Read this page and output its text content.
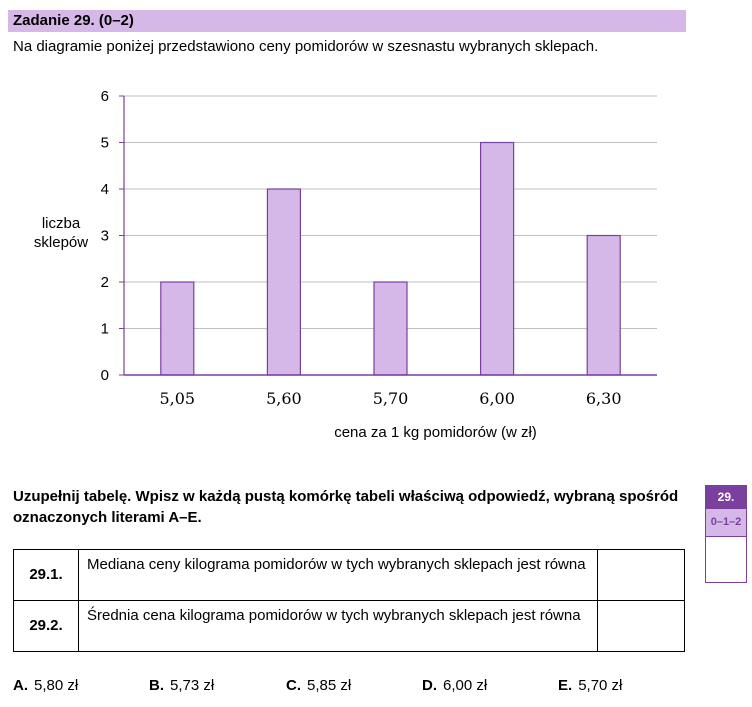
Zadanie 29. (0–2)
Na diagramie poniżej przedstawiono ceny pomidorów w szesnastu wybranych sklepach.
0
1
2
3
4
5
6
5,05	5,60	5,70	6,00	6,30
cena za 1 kg pomidorów (w zł)
liczba
sklepów
Uzupełnij tabelę. Wpisz w każdą pustą komórkę tabeli właściwą odpowiedź, wybraną spośród oznaczonych literami A–E.
29.1.	Mediana ceny kilograma pomidorów w tych wybranych sklepach jest równa	
29.2.	Średnia cena kilograma pomidorów w tych wybranych sklepach jest równa	
A. 5,80 zł	B. 5,73 zł	C. 5,85 zł	D. 6,00 zł	E. 5,70 zł
29.
0–1–2
